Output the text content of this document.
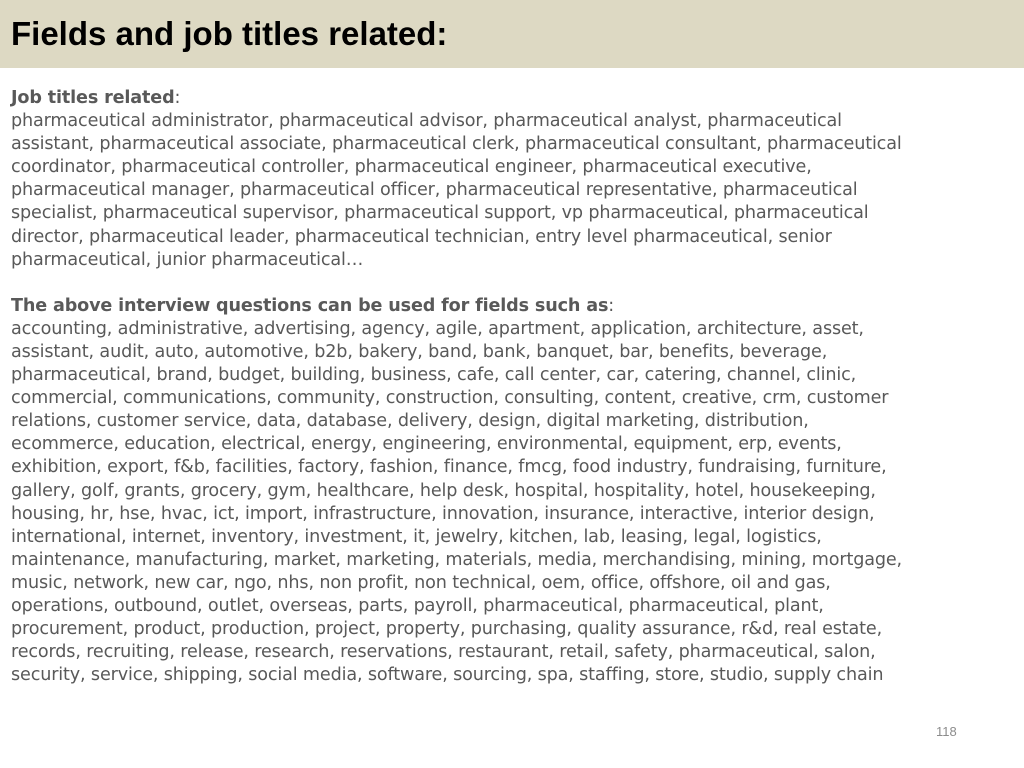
Fields and job titles related:

Job titles related:

pharmaceutical administrator, pharmaceutical advisor, pharmaceutical analyst, pharmaceutical assistant, pharmaceutical associate, pharmaceutical clerk, pharmaceutical consultant, pharmaceutical coordinator, pharmaceutical controller, pharmaceutical engineer, pharmaceutical executive, pharmaceutical manager, pharmaceutical officer, pharmaceutical representative, pharmaceutical specialist, pharmaceutical supervisor, pharmaceutical support, vp pharmaceutical, pharmaceutical director, pharmaceutical leader, pharmaceutical technician, entry level pharmaceutical, senior pharmaceutical, junior pharmaceutical…

The above interview questions can be used for fields such as:

accounting, administrative, advertising, agency, agile, apartment, application, architecture, asset, assistant, audit, auto, automotive, b2b, bakery, band, bank, banquet, bar, benefits, beverage, pharmaceutical, brand, budget, building, business, cafe, call center, car, catering, channel, clinic, commercial, communications, community, construction, consulting, content, creative, crm, customer relations, customer service, data, database, delivery, design, digital marketing, distribution, ecommerce, education, electrical, energy, engineering, environmental, equipment, erp, events, exhibition, export, f&b, facilities, factory, fashion, finance, fmcg, food industry, fundraising, furniture, gallery, golf, grants, grocery, gym, healthcare, help desk, hospital, hospitality, hotel, housekeeping, housing, hr, hse, hvac, ict, import, infrastructure, innovation, insurance, interactive, interior design, international, internet, inventory, investment, it, jewelry, kitchen, lab, leasing, legal, logistics, maintenance, manufacturing, market, marketing, materials, media, merchandising, mining, mortgage, music, network, new car, ngo, nhs, non profit, non technical, oem, office, offshore, oil and gas, operations, outbound, outlet, overseas, parts, payroll, pharmaceutical, pharmaceutical, plant, procurement, product, production, project, property, purchasing, quality assurance, r&d, real estate, records, recruiting, release, research, reservations, restaurant, retail, safety, pharmaceutical, salon, security, service, shipping, social media, software, sourcing, spa, staffing, store, studio, supply chain

118
